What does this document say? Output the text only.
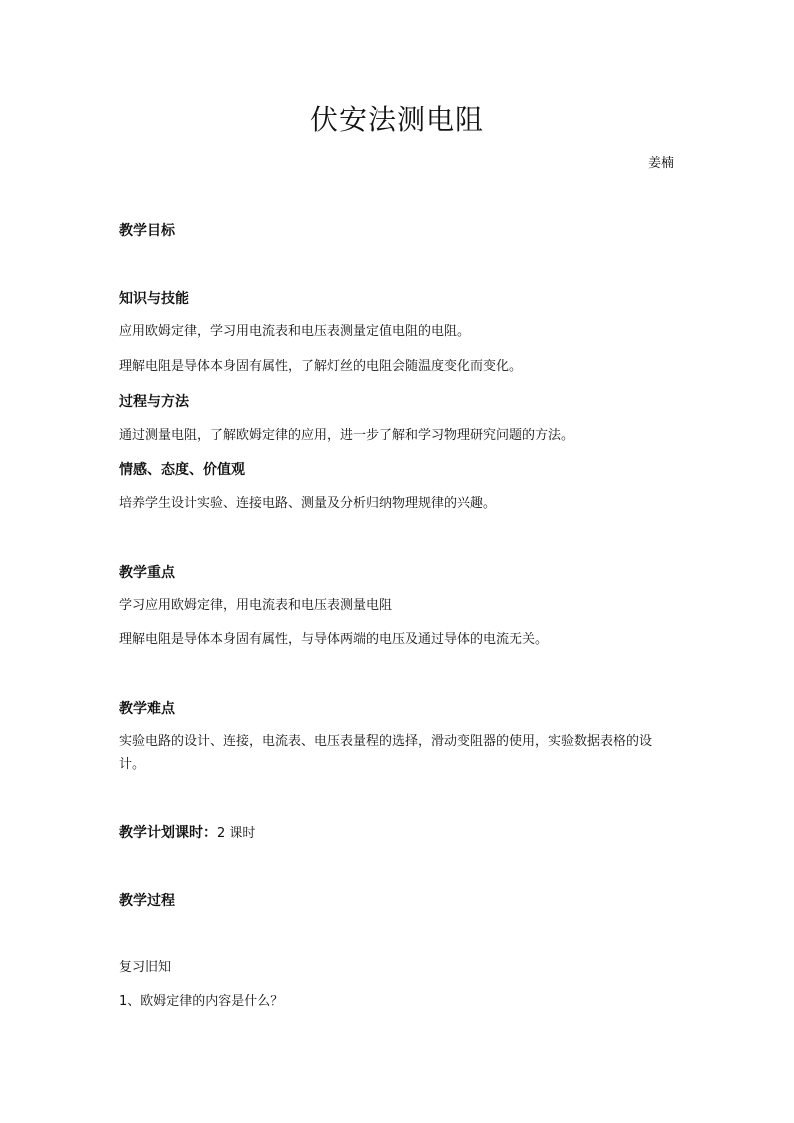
伏安法测电阻

姜楠

教学目标

知识与技能

应用欧姆定律，学习用电流表和电压表测量定值电阻的电阻。

理解电阻是导体本身固有属性，了解灯丝的电阻会随温度变化而变化。

过程与方法

通过测量电阻，了解欧姆定律的应用，进一步了解和学习物理研究问题的方法。

情感、态度、价值观

培养学生设计实验、连接电路、测量及分析归纳物理规律的兴趣。

教学重点

学习应用欧姆定律，用电流表和电压表测量电阻

理解电阻是导体本身固有属性，与导体两端的电压及通过导体的电流无关。

教学难点

实验电路的设计、连接，电流表、电压表量程的选择，滑动变阻器的使用，实验数据表格的设计。

教学计划课时：2 课时

教学过程

复习旧知

1、欧姆定律的内容是什么？
